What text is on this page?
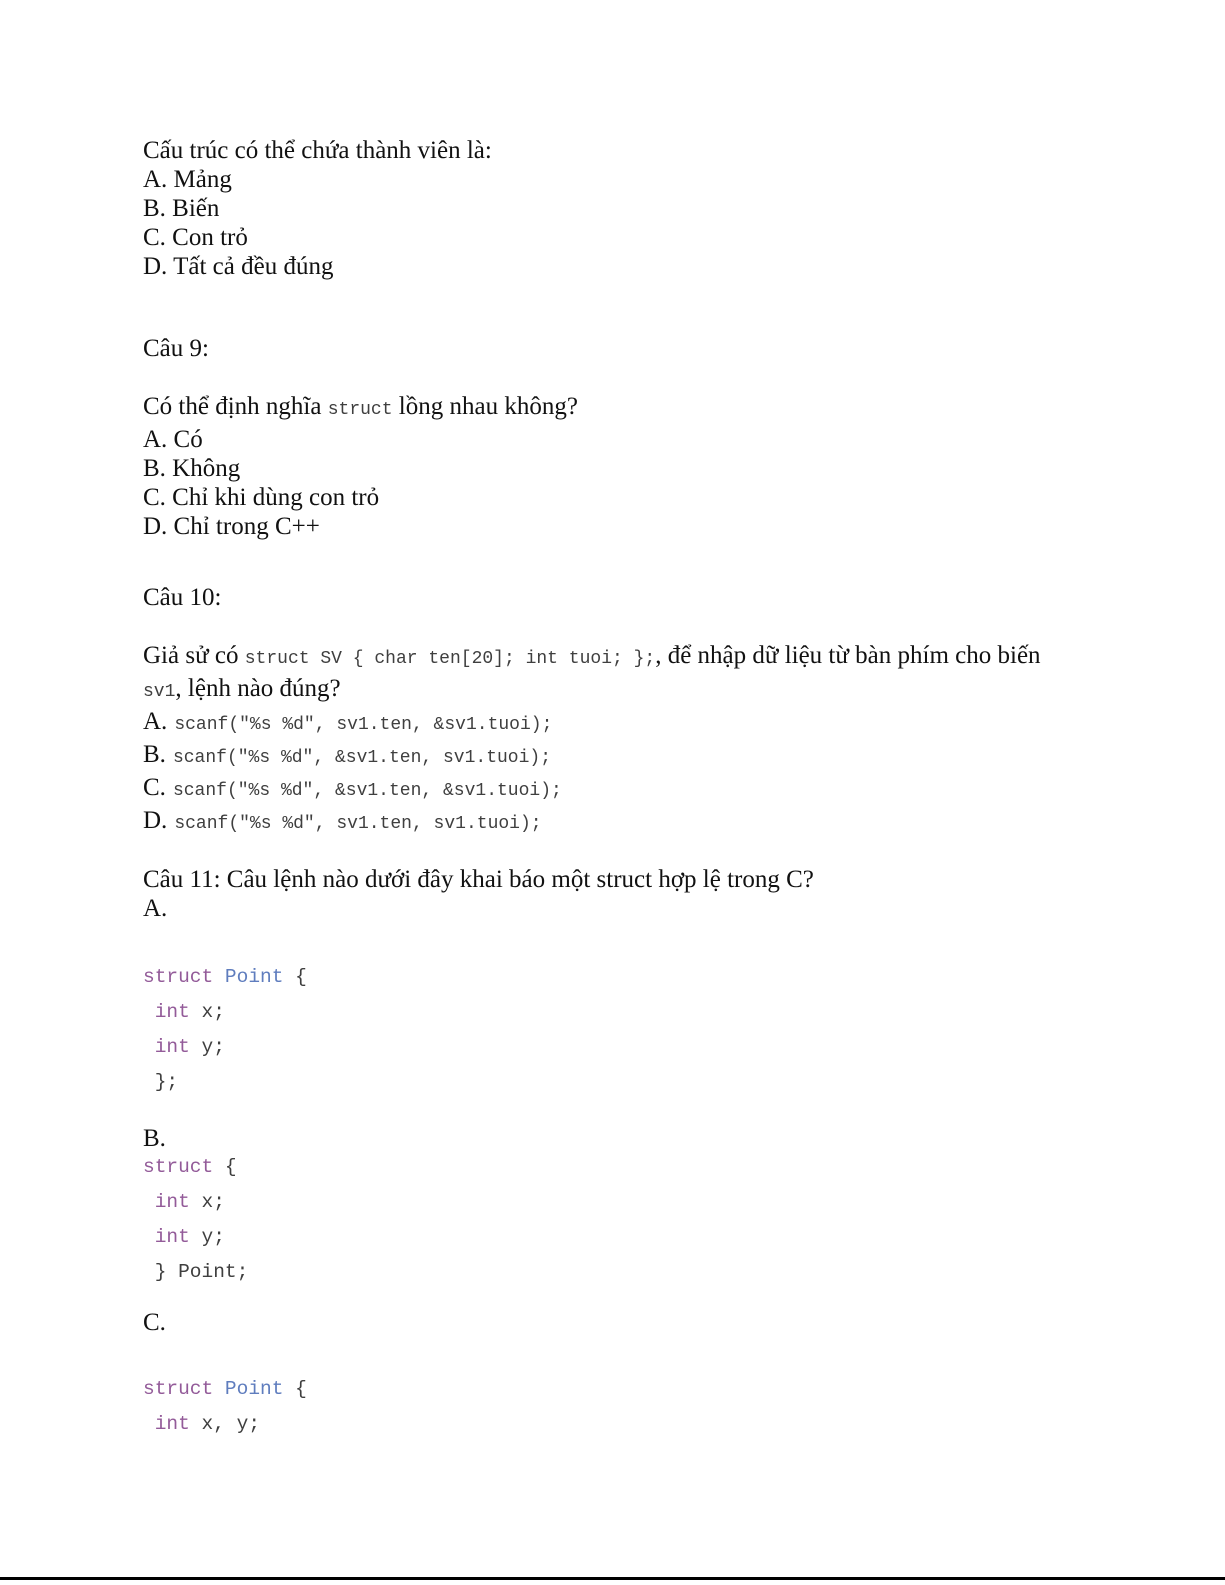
Cấu trúc có thể chứa thành viên là:
A. Mảng
B. Biến
C. Con trỏ
D. Tất cả đều đúng
Câu 9:
Có thể định nghĩa struct lồng nhau không?
A. Có
B. Không
C. Chỉ khi dùng con trỏ
D. Chỉ trong C++
Câu 10:
Giả sử có struct SV { char ten[20]; int tuoi; };, để nhập dữ liệu từ bàn phím cho biến
sv1, lệnh nào đúng?
A. scanf("%s %d", sv1.ten, &sv1.tuoi);
B. scanf("%s %d", &sv1.ten, sv1.tuoi);
C. scanf("%s %d", &sv1.ten, &sv1.tuoi);
D. scanf("%s %d", sv1.ten, sv1.tuoi);
Câu 11: Câu lệnh nào dưới đây khai báo một struct hợp lệ trong C?
A.
struct Point {
int x;
int y;
};
B.
struct {
int x;
int y;
} Point;
C.
struct Point {
int x, y;
